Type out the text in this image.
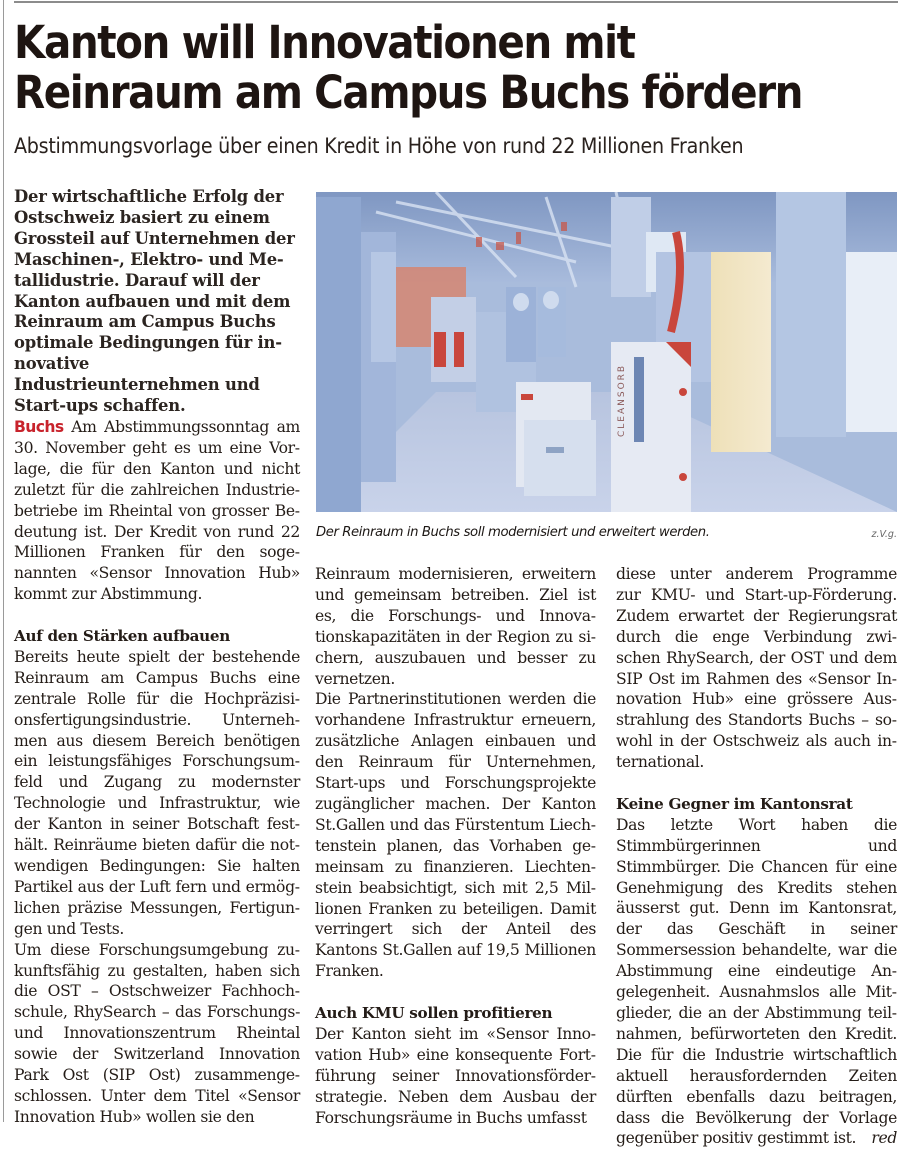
Kanton will Innovationen mit
Reinraum am Campus Buchs fördern

Abstimmungsvorlage über einen Kredit in Höhe von rund 22 Millionen Franken

Der wirtschaftliche Erfolg der Ostschweiz basiert zu einem Grossteil auf Unternehmen der Maschinen-, Elektro- und Metallidustrie. Darauf will der Kanton aufbauen und mit dem Reinraum am Campus Buchs optimale Bedingungen für innovative Industrieunternehmen und Start-ups schaffen.	CLEANSORB
Der Reinraum in Buchs soll modernisiert und erweitert werden.	z.V.g.

Buchs Am Abstimmungssonntag am 30. November geht es um eine Vorlage, die für den Kanton und nicht zuletzt für die zahlreichen Industriebetriebe im Rheintal von grosser Bedeutung ist. Der Kredit von rund 22 Millionen Franken für den sogenannten «Sensor Innovation Hub» kommt zur Abstimmung.

Auf den Stärken aufbauen

Bereits heute spielt der bestehende Reinraum am Campus Buchs eine zentrale Rolle für die Hochpräzisionsfertigungsindustrie. Unternehmen aus diesem Bereich benötigen ein leistungsfähiges Forschungsumfeld und Zugang zu modernster Technologie und Infrastruktur, wie der Kanton in seiner Botschaft festhält. Reinräume bieten dafür die notwendigen Bedingungen: Sie halten Partikel aus der Luft fern und ermöglichen präzise Messungen, Fertigungen und Tests.

Um diese Forschungsumgebung zukunftsfähig zu gestalten, haben sich die OST – Ostschweizer Fachhochschule, RhySearch – das Forschungs- und Innovationszentrum Rheintal sowie der Switzerland Innovation Park Ost (SIP Ost) zusammengeschlossen. Unter dem Titel «Sensor Innovation Hub» wollen sie den

Reinraum modernisieren, erweitern und gemeinsam betreiben. Ziel ist es, die Forschungs- und Innovationskapazitäten in der Region zu sichern, auszubauen und besser zu vernetzen.

Die Partnerinstitutionen werden die vorhandene Infrastruktur erneuern, zusätzliche Anlagen einbauen und den Reinraum für Unternehmen, Start-ups und Forschungsprojekte zugänglicher machen. Der Kanton St.Gallen und das Fürstentum Liechtenstein planen, das Vorhaben gemeinsam zu finanzieren. Liechtenstein beabsichtigt, sich mit 2,5 Millionen Franken zu beteiligen. Damit verringert sich der Anteil des Kantons St.Gallen auf 19,5 Millionen Franken.

Auch KMU sollen profitieren

Der Kanton sieht im «Sensor Innovation Hub» eine konsequente Fortführung seiner Innovationsförderstrategie. Neben dem Ausbau der Forschungsräume in Buchs umfasst

diese unter anderem Programme zur KMU- und Start-up-Förderung. Zudem erwartet der Regierungsrat durch die enge Verbindung zwischen RhySearch, der OST und dem SIP Ost im Rahmen des «Sensor Innovation Hub» eine grössere Ausstrahlung des Standorts Buchs – sowohl in der Ostschweiz als auch international.

Keine Gegner im Kantonsrat

Das letzte Wort haben die Stimmbürgerinnen und Stimmbürger. Die Chancen für eine Genehmigung des Kredits stehen äusserst gut. Denn im Kantonsrat, der das Geschäft in seiner Sommersession behandelte, war die Abstimmung eine eindeutige Angelegenheit. Ausnahmslos alle Mitglieder, die an der Abstimmung teilnahmen, befürworteten den Kredit. Die für die Industrie wirtschaftlich aktuell herausfordernden Zeiten dürften ebenfalls dazu beitragen, dass die Bevölkerung der Vorlage gegenüber positiv gestimmt ist. red
